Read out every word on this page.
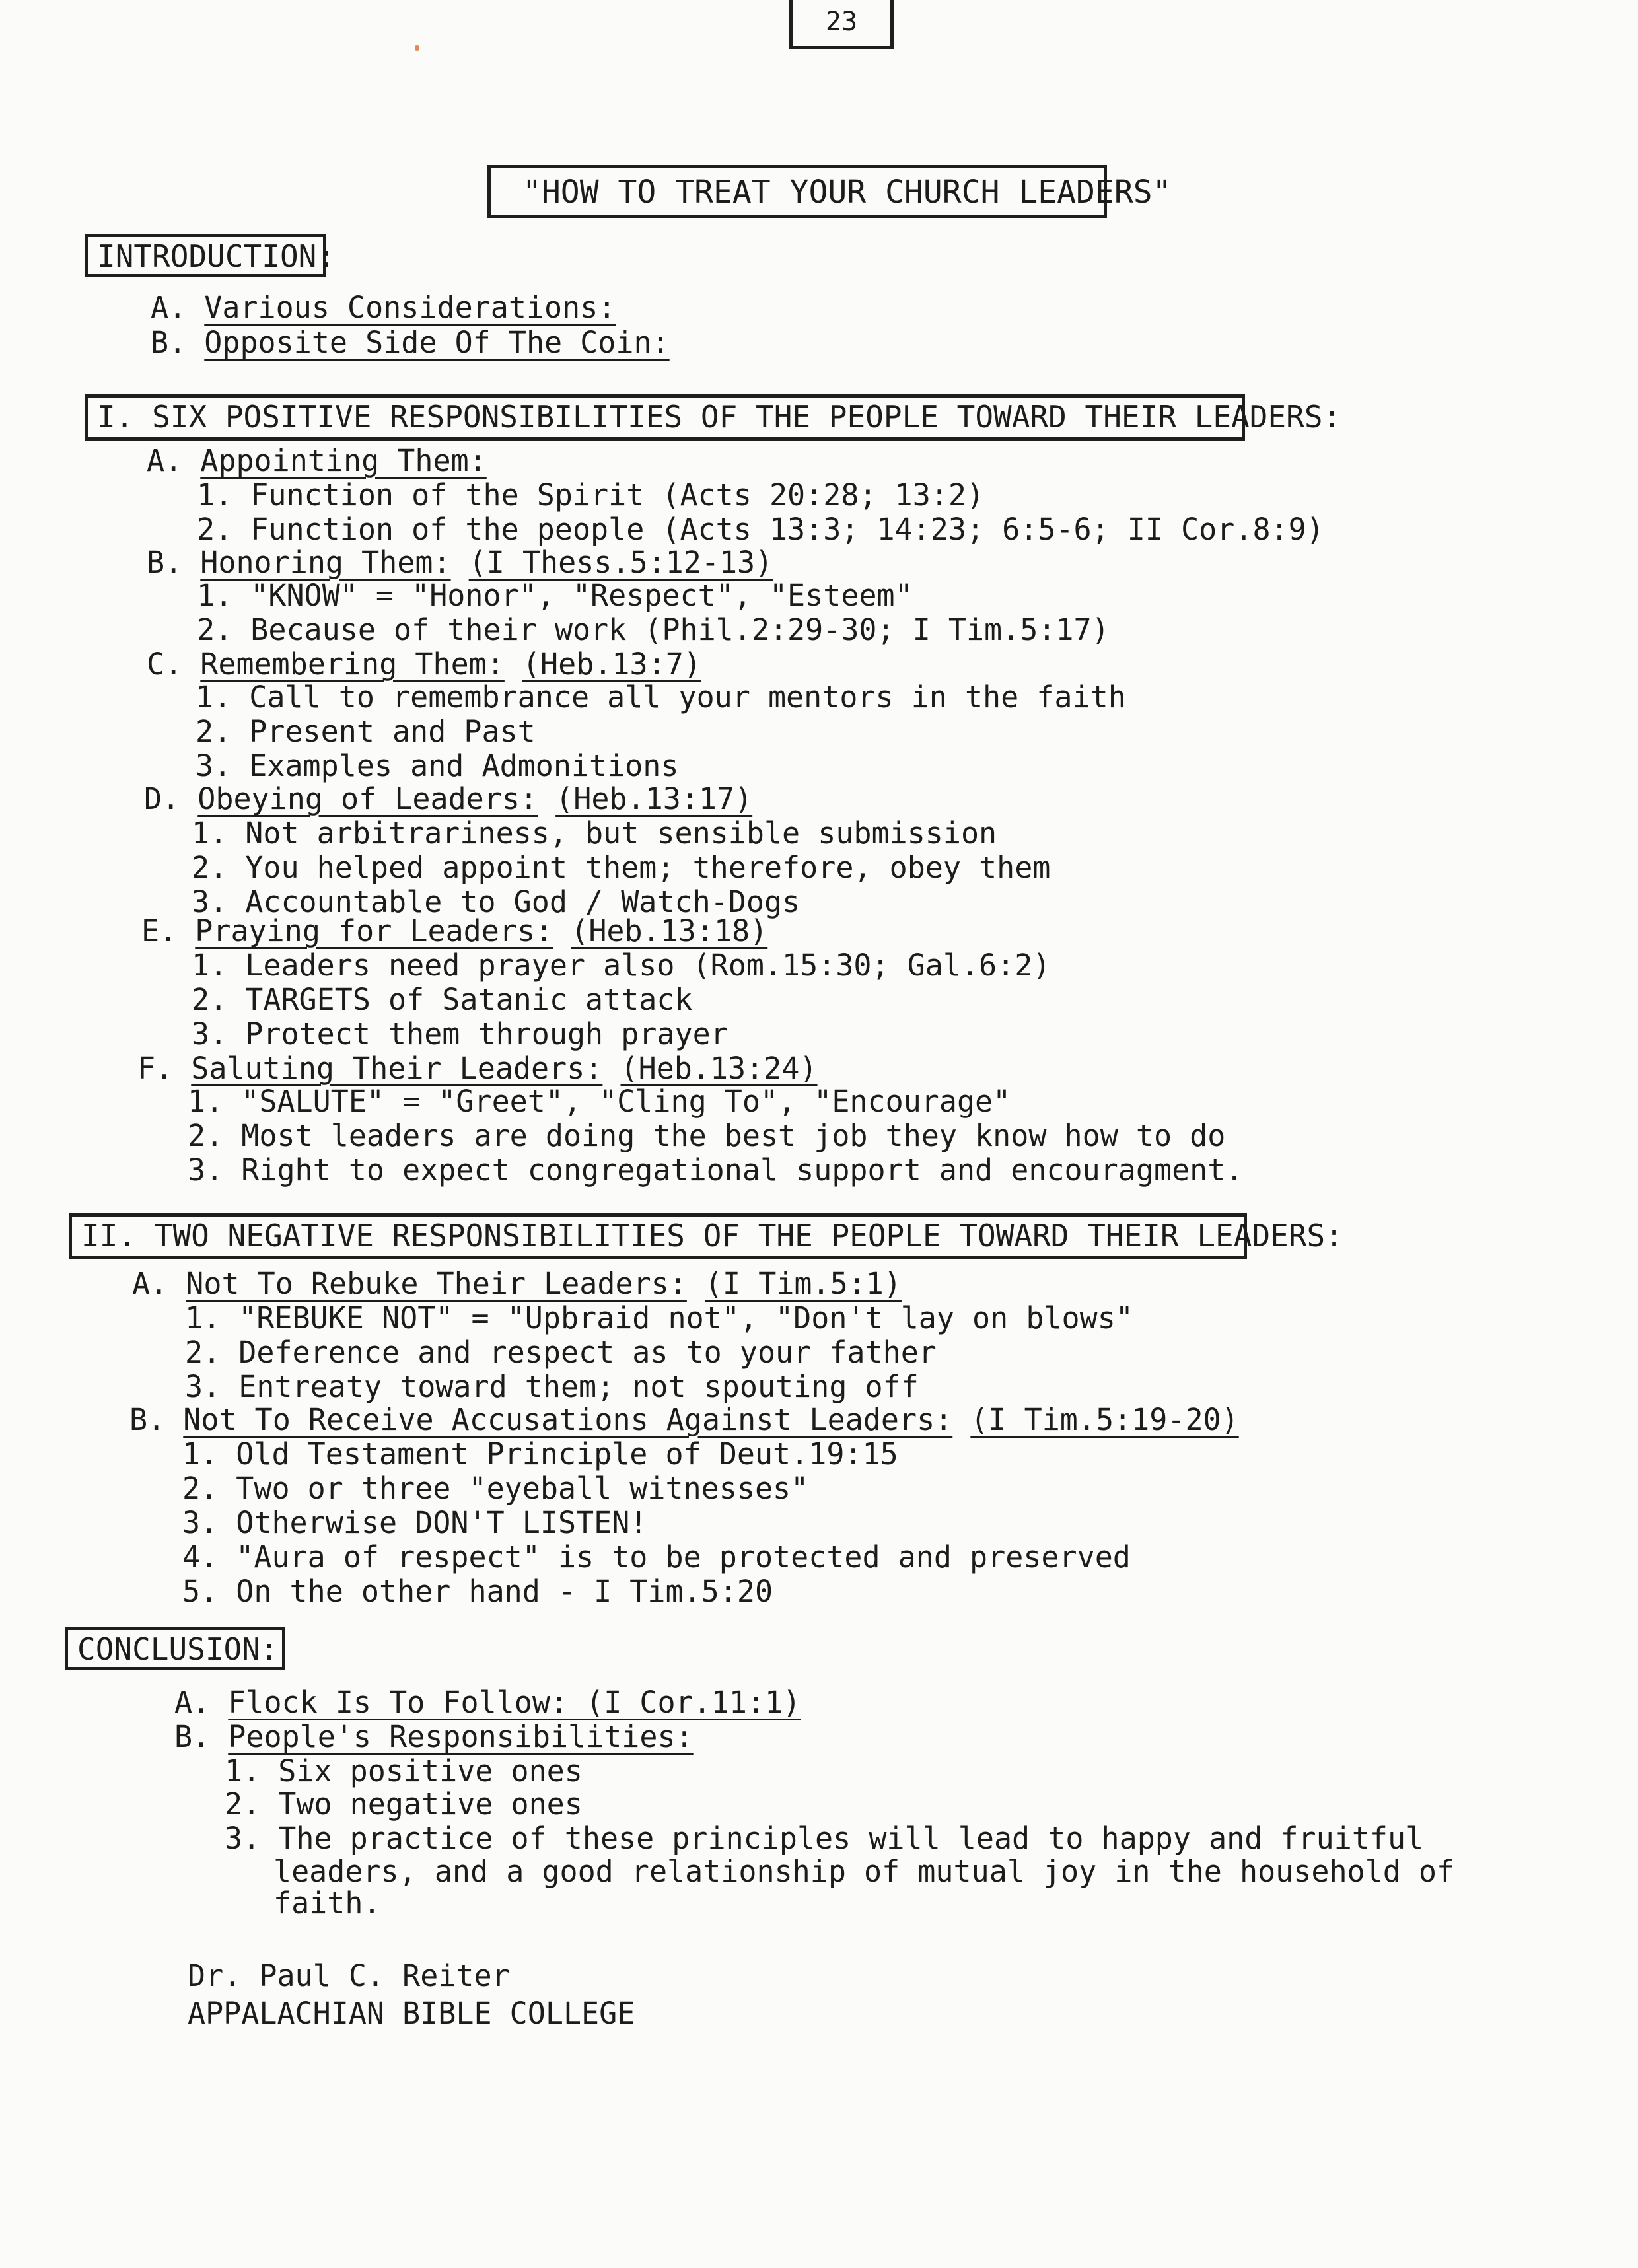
23
"HOW TO TREAT YOUR CHURCH LEADERS"
INTRODUCTION:
A. Various Considerations:
B. Opposite Side Of The Coin:
I. SIX POSITIVE RESPONSIBILITIES OF THE PEOPLE TOWARD THEIR LEADERS:
A. Appointing Them:
1. Function of the Spirit (Acts 20:28; 13:2)
2. Function of the people (Acts 13:3; 14:23; 6:5-6; II Cor.8:9)
B. Honoring Them: (I Thess.5:12-13)
1. "KNOW" = "Honor", "Respect", "Esteem"
2. Because of their work (Phil.2:29-30; I Tim.5:17)
C. Remembering Them: (Heb.13:7)
1. Call to remembrance all your mentors in the faith
2. Present and Past
3. Examples and Admonitions
D. Obeying of Leaders: (Heb.13:17)
1. Not arbitrariness, but sensible submission
2. You helped appoint them; therefore, obey them
3. Accountable to God / Watch-Dogs
E. Praying for Leaders: (Heb.13:18)
1. Leaders need prayer also (Rom.15:30; Gal.6:2)
2. TARGETS of Satanic attack
3. Protect them through prayer
F. Saluting Their Leaders: (Heb.13:24)
1. "SALUTE" = "Greet", "Cling To", "Encourage"
2. Most leaders are doing the best job they know how to do
3. Right to expect congregational support and encouragment.
II. TWO NEGATIVE RESPONSIBILITIES OF THE PEOPLE TOWARD THEIR LEADERS:
A. Not To Rebuke Their Leaders: (I Tim.5:1)
1. "REBUKE NOT" = "Upbraid not", "Don't lay on blows"
2. Deference and respect as to your father
3. Entreaty toward them; not spouting off
B. Not To Receive Accusations Against Leaders: (I Tim.5:19-20)
1. Old Testament Principle of Deut.19:15
2. Two or three "eyeball witnesses"
3. Otherwise DON'T LISTEN!
4. "Aura of respect" is to be protected and preserved
5. On the other hand - I Tim.5:20
CONCLUSION:
A. Flock Is To Follow: (I Cor.11:1)
B. People's Responsibilities:
1. Six positive ones
2. Two negative ones
3. The practice of these principles will lead to happy and fruitful
leaders, and a good relationship of mutual joy in the household of
faith.
Dr. Paul C. Reiter
APPALACHIAN BIBLE COLLEGE
